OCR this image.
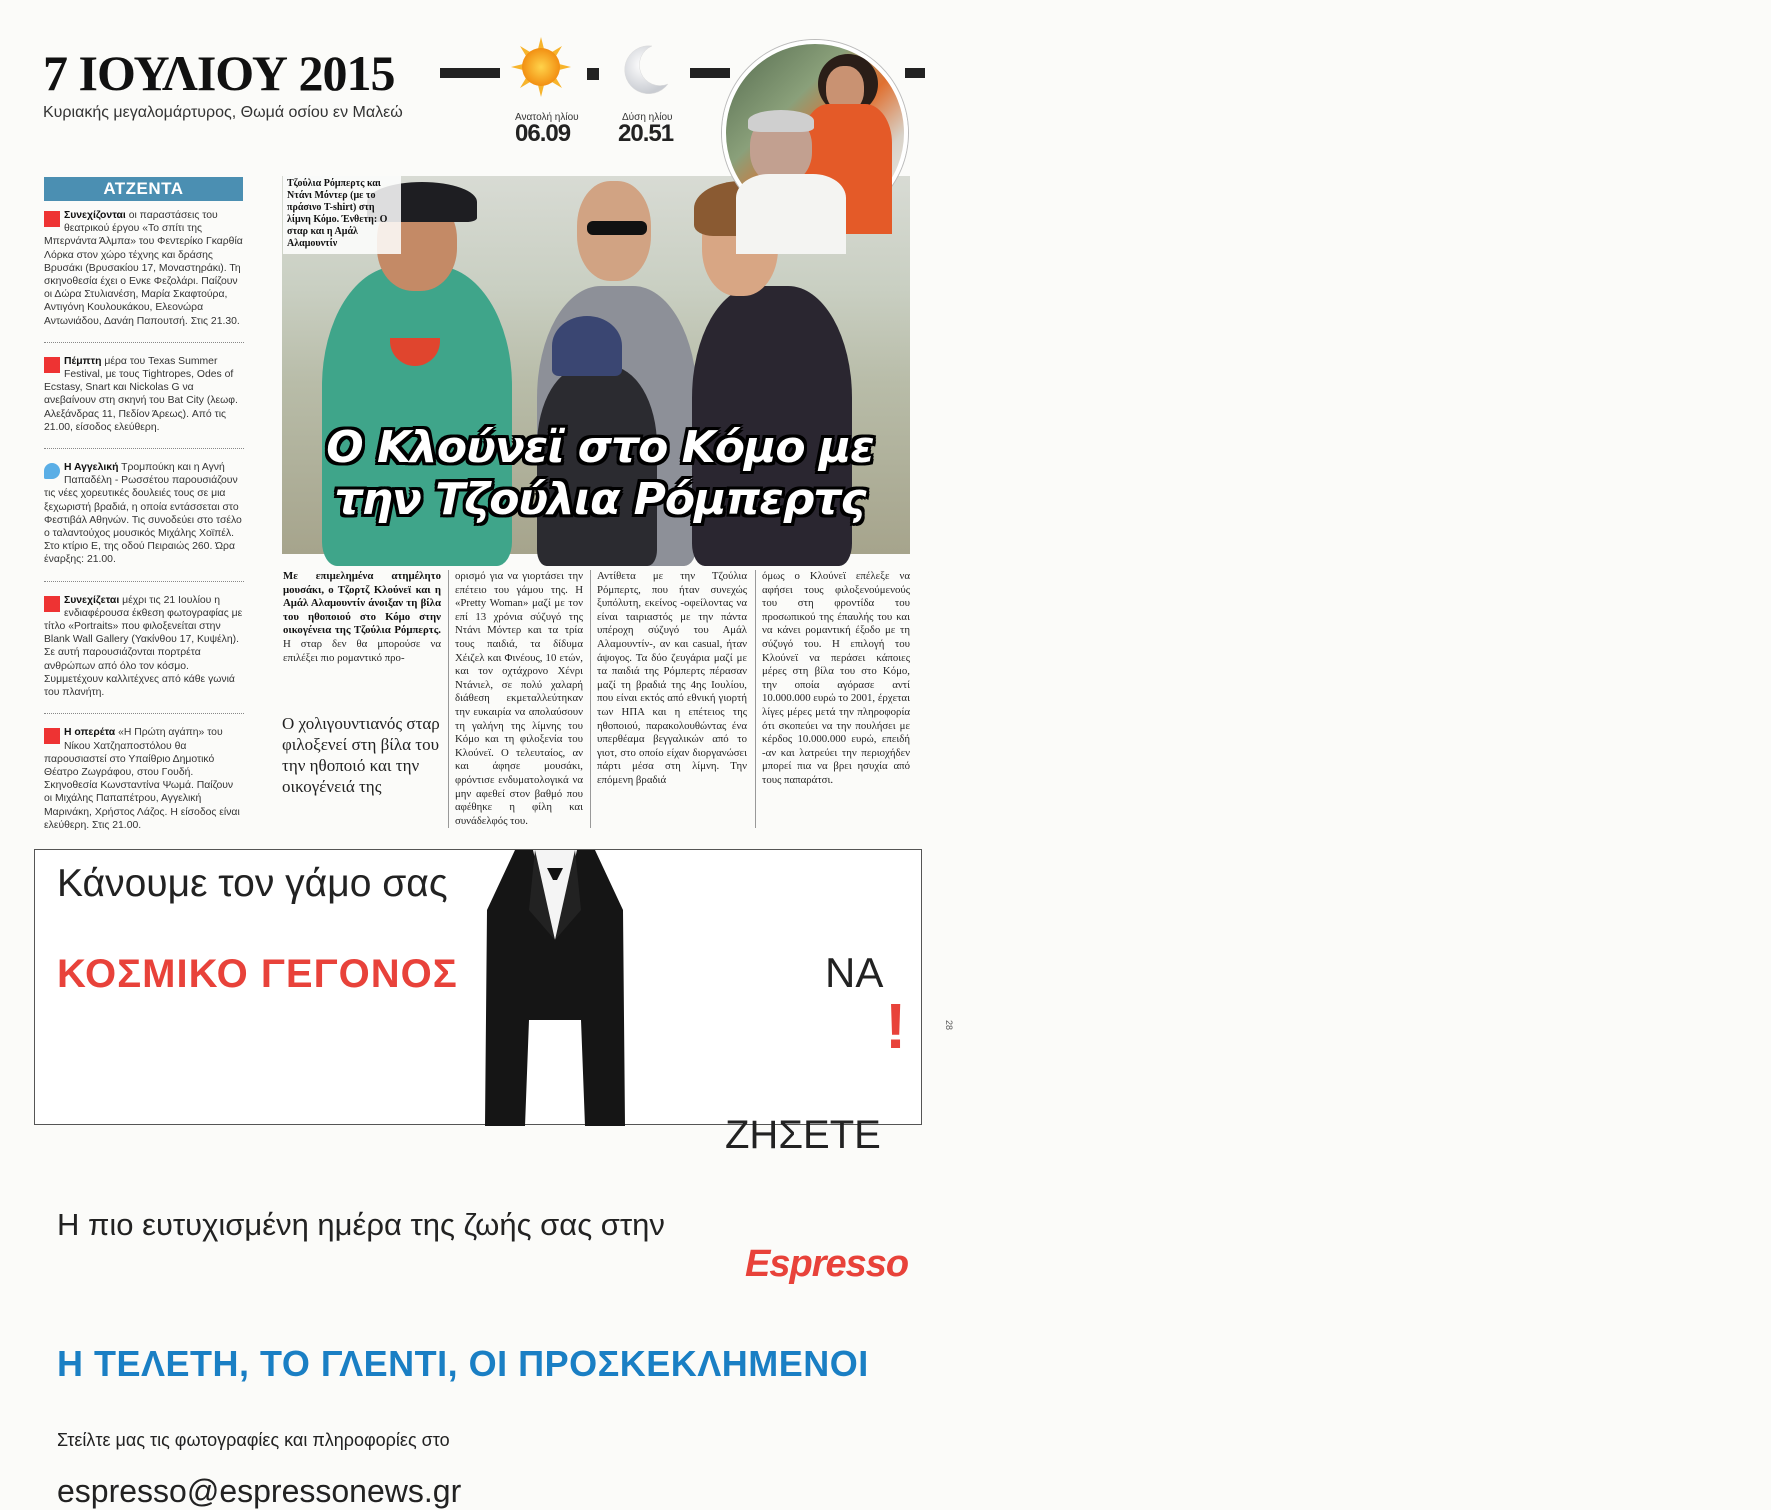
7 ΙΟΥΛΙΟΥ 2015
Κυριακής μεγαλομάρτυρος, Θωμά οσίου εν Μαλεώ	Ανατολή ηλίου
06.09
Δύση ηλίου
20.51
ΑΤΖΕΝΤΑ
Συνεχίζονται οι παραστάσεις του θεατρικού έργου «Το σπίτι της Μπερνάντα Άλμπα» του Φεντερίκο Γκαρθία Λόρκα στον χώρο τέχνης και δράσης Βρυσάκι (Βρυσακίου 17, Μοναστηράκι). Τη σκηνοθεσία έχει ο Ενκε Φεζολάρι. Παίζουν οι Δώρα Στυλιανέση, Μαρία Σκαφτούρα, Αντιγόνη Κουλουκάκου, Ελεονώρα Αντωνιάδου, Δανάη Παπουτσή. Στις 21.30.
Πέμπτη μέρα του Texas Summer Festival, με τους Tightropes, Odes of Ecstasy, Snart και Nickolas G να ανεβαίνουν στη σκηνή του Bat City (λεωφ. Αλεξάνδρας 11, Πεδίον Άρεως). Από τις 21.00, είσοδος ελεύθερη.
Η Αγγελική Τρομπούκη και η Αγνή Παπαδέλη - Ρωσσέτου παρουσιάζουν τις νέες χορευτικές δουλειές τους σε μια ξεχωριστή βραδιά, η οποία εντάσσεται στο Φεστιβάλ Αθηνών. Τις συνοδεύει στο τσέλο ο ταλαντούχος μουσικός Μιχάλης Χοϊπέλ. Στο κτίριο Ε, της οδού Πειραιώς 260. Ώρα έναρξης: 21.00.
Συνεχίζεται μέχρι τις 21 Ιουλίου η ενδιαφέρουσα έκθεση φωτογραφίας με τίτλο «Portraits» που φιλοξενείται στην Blank Wall Gallery (Υακίνθου 17, Κυψέλη). Σε αυτή παρουσιάζονται πορτρέτα ανθρώπων από όλο τον κόσμο. Συμμετέχουν καλλιτέχνες από κάθε γωνιά του πλανήτη.
Η οπερέτα «Η Πρώτη αγάπη» του Νίκου Χατζηαποστόλου θα παρουσιαστεί στο Υπαίθριο Δημοτικό Θέατρο Ζωγράφου, στου Γουδή. Σκηνοθεσία Κωνσταντίνα Ψωμά. Παίζουν οι Μιχάλης Παπαπέτρου, Αγγελική Μαρινάκη, Χρήστος Λάζος. Η είσοδος είναι ελεύθερη. Στις 21.00.
Τζούλια Ρόμπερτς και Ντάνι Μόντερ (με το πράσινο T-shirt) στη λίμνη Κόμο. Ένθετη: Ο σταρ και η Αμάλ Αλαμουντίν
Ο Κλούνεϊ στο Κόμο με
την Τζούλια Ρόμπερτς
Με επιμελημένα ατημέλητο μουσάκι, ο Τζορτζ Κλούνεϊ και η Αμάλ Αλαμουντίν άνοιξαν τη βίλα του ηθοποιού στο Κόμο στην οικογένεια της Τζούλια Ρόμπερτς. Η σταρ δεν θα μπορούσε να επιλέξει πιο ρομαντικό προ-
Ο χολιγουντιανός σταρ φιλοξενεί στη βίλα του την ηθοποιό και την οικογένειά της
ορισμό για να γιορτάσει την επέτειο του γάμου της. Η «Pretty Woman» μαζί με τον επί 13 χρόνια σύζυγό της Ντάνι Μόντερ και τα τρία τους παιδιά, τα δίδυμα Χέιζελ και Φινέους, 10 ετών, και τον οχτάχρονο Χένρι Ντάνιελ, σε πολύ χαλαρή διάθεση εκμεταλλεύτηκαν την ευκαιρία να απολαύσουν τη γαλήνη της λίμνης του Κόμο και τη φιλοξενία του Κλούνεϊ. Ο τελευταίος, αν και άφησε μουσάκι, φρόντισε ενδυματολογικά να μην αφεθεί στον βαθμό που αφέθηκε η φίλη και συνάδελφός του.
Αντίθετα με την Τζούλια Ρόμπερτς, που ήταν συνεχώς ξυπόλυτη, εκείνος -οφείλοντας να είναι ταιριαστός με την πάντα υπέροχη σύζυγό του Αμάλ Αλαμουντίν-, αν και casual, ήταν άψογος. Τα δύο ζευγάρια μαζί με τα παιδιά της Ρόμπερτς πέρασαν μαζί τη βραδιά της 4ης Ιουλίου, που είναι εκτός από εθνική γιορτή των ΗΠΑ και η επέτειος της ηθοποιού, παρακολουθώντας ένα υπερθέαμα βεγγαλικών από το γιοτ, στο οποίο είχαν διοργανώσει πάρτι μέσα στη λίμνη. Την επόμενη βραδιά
όμως ο Κλούνεϊ επέλεξε να αφήσει τους φιλοξενούμενούς του στη φροντίδα του προσωπικού της έπαυλής του και να κάνει ρομαντική έξοδο με τη σύζυγό του. Η επιλογή του Κλούνεϊ να περάσει κάποιες μέρες στη βίλα του στο Κόμο, την οποία αγόρασε αντί 10.000.000 ευρώ το 2001, έρχεται λίγες μέρες μετά την πληροφορία ότι σκοπεύει να την πουλήσει με κέρδος 10.000.000 ευρώ, επειδή -αν και λατρεύει την περιοχήδεν μπορεί πια να βρει ησυχία από τους παπαράτσι.
Κάνουμε τον γάμο σας
ΚΟΣΜΙΚΟ ΓΕΓΟΝΟΣ	ΝΑ
!
ΖΗΣΕΤΕ
Η πιο ευτυχισμένη ημέρα της ζωής σας στην
Espresso
Η ΤΕΛΕΤΗ, ΤΟ ΓΛΕΝΤΙ, ΟΙ ΠΡΟΣΚΕΚΛΗΜΕΝΟΙ
Στείλτε μας τις φωτογραφίες και πληροφορίες στο
espresso@espressonews.gr
28
